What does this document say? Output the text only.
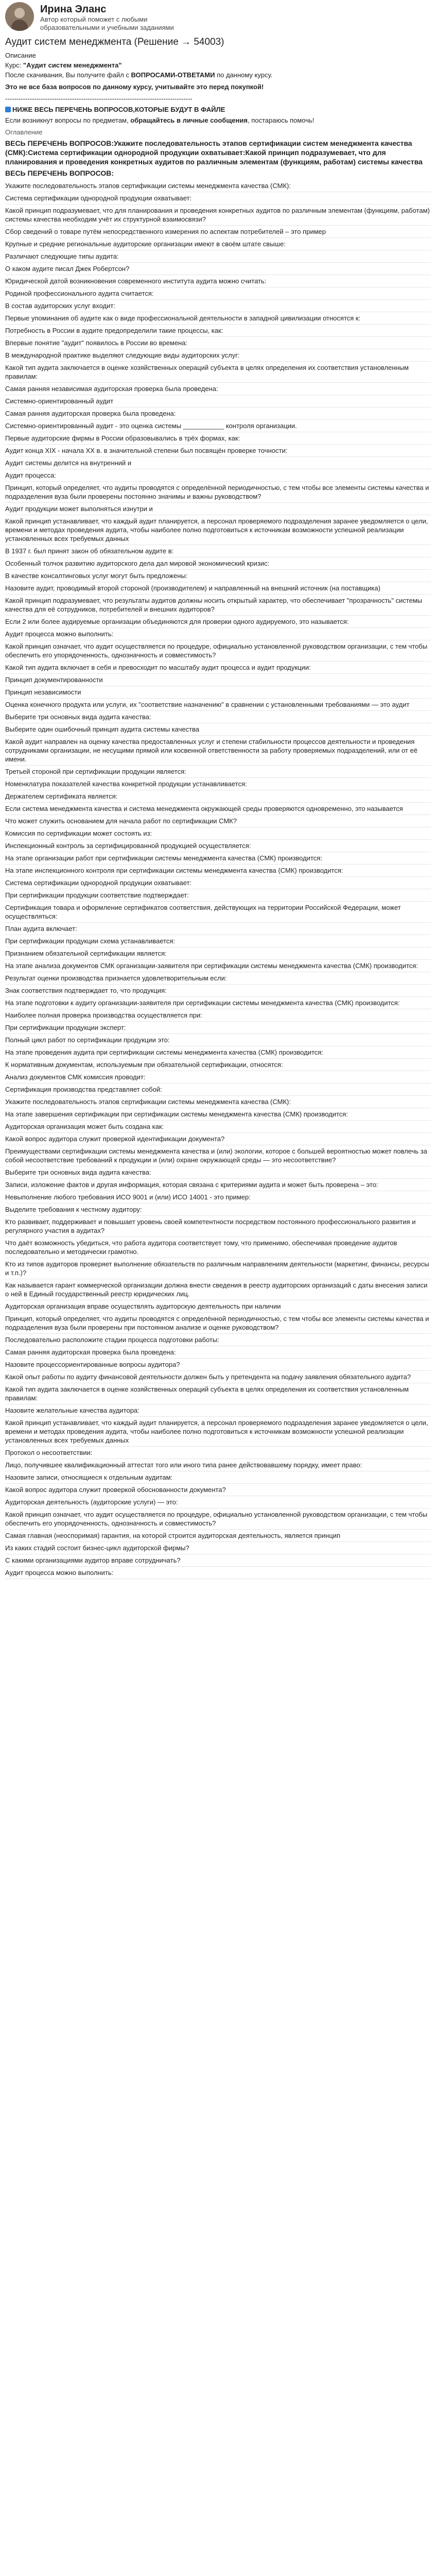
Ирина Эланс
Автор который поможет с любыми образовательными и учебными заданиями
Аудит систем менеджмента (Решение → 54003)
Описание
Курс: "Аудит систем менеджмента"
После скачивания, Вы получите файл с ВОПРОСАМИ-ОТВЕТАМИ по данному курсу.
Это не все база вопросов по данному курсу, учитывайте это перед покупкой!
------------------------------------------------------------------------------------
НИЖЕ ВЕСЬ ПЕРЕЧЕНЬ ВОПРОСОВ,КОТОРЫЕ БУДУТ В ФАЙЛЕ
Если возникнут вопросы по предметам, обращайтесь в личные сообщения, постараюсь помочь!
Оглавление
ВЕСЬ ПЕРЕЧЕНЬ ВОПРОСОВ:Укажите последовательность этапов сертификации систем менеджмента качества (СМК):Система сертификации однородной продукции охватывает:Какой принцип подразумевает, что для планирования и проведения конкретных аудитов по различным элементам (функциям, работам) системы качества
ВЕСЬ ПЕРЕЧЕНЬ ВОПРОСОВ:

Укажите последовательность этапов сертификации системы менеджмента качества (СМК):

Система сертификации однородной продукции охватывает:

Какой принцип подразумевает, что для планирования и проведения конкретных аудитов по различным элементам (функциям, работам) системы качества необходим учёт их структурной взаимосвязи?

Сбор сведений о товаре путём непосредственного измерения по аспектам потребителей – это пример

Крупные и средние региональные аудиторские организации имеют в своём штате свыше:

Различают следующие типы аудита:

О каком аудите писал Джек Робертсон?

Юридической датой возникновения современного института аудита можно считать:

Родиной профессионального аудита считается:

В состав аудиторских услуг входит:

Первые упоминания об аудите как о виде профессиональной деятельности в западной цивилизации относятся к:

Потребность в России в аудите предопределили такие процессы, как:

Впервые понятие "аудит" появилось в России во времена:

В международной практике выделяют следующие виды аудиторских услуг:

Какой тип аудита заключается в оценке хозяйственных операций субъекта в целях определения их соответствия установленным правилам:

Самая ранняя независимая аудиторская проверка была проведена:

Системно-ориентированный аудит

Самая ранняя аудиторская проверка была проведена:

Системно-ориентированный аудит - это оценка системы ___________ контроля организации.

Первые аудиторские фирмы в России образовывались в трёх формах, как:

Аудит конца XIX - начала XX в. в значительной степени был посвящён проверке точности:

Аудит системы делится на внутренний и

Аудит процесса:

Принцип, который определяет, что аудиты проводятся с определённой периодичностью, с тем чтобы все элементы системы качества и подразделения вуза были проверены постоянно значимы и важны руководством?

Аудит продукции может выполняться изнутри и

Какой принцип устанавливает, что каждый аудит планируется, а персонал проверяемого подразделения заранее уведомляется о цели, времени и методах проведения аудита, чтобы наиболее полно подготовиться к источникам возможности успешной реализации установленных всех требуемых данных

В 1937 г. был принят закон об обязательном аудите в:

Особенный толчок развитию аудиторского дела дал мировой экономический кризис:

В качестве консалтинговых услуг могут быть предложены:

Назовите аудит, проводимый второй стороной (производителем) и направленный на внешний источник (на поставщика)

Какой принцип подразумевает, что результаты аудитов должны носить открытый характер, что обеспечивает "прозрачность" системы качества для её сотрудников, потребителей и внешних аудиторов?

Если 2 или более аудируемые организации объединяются для проверки одного аудируемого, это называется:

Аудит процесса можно выполнить:

Какой принцип означает, что аудит осуществляется по процедуре, официально установленной руководством организации, с тем чтобы обеспечить его упорядоченность, однозначность и совместимость?

Какой тип аудита включает в себя и превосходит по масштабу аудит процесса и аудит продукции:

Принцип документированности

Принцип независимости

Оценка конечного продукта или услуги, их "соответствие назначению" в сравнении с установленными требованиями — это аудит

Выберите три основных вида аудита качества:

Выберите один ошибочный принцип аудита системы качества

Какой аудит направлен на оценку качества предоставленных услуг и степени стабильности процессов деятельности и проведения сотрудниками организации, не несущими прямой или косвенной ответственности за работу проверяемых подразделений, или от её имени.

Третьей стороной при сертификации продукции является:

Номенклатура показателей качества конкретной продукции устанавливается:

Держателем сертификата является:

Если система менеджмента качества и система менеджмента окружающей среды проверяются одновременно, это называется

Что может служить основанием для начала работ по сертификации СМК?

Комиссия по сертификации может состоять из:

Инспекционный контроль за сертифицированной продукцией осуществляется:

На этапе организации работ при сертификации системы менеджмента качества (СМК) производится:

На этапе инспекционного контроля при сертификации системы менеджмента качества (СМК) производится:

Система сертификации однородной продукции охватывает:

При сертификации продукции соответствие подтверждает:

Сертификация товара и оформление сертификатов соответствия, действующих на территории Российской Федерации, может осуществляться:

План аудита включает:

При сертификации продукции схема устанавливается:

Признанием обязательной сертификации является:

На этапе анализа документов СМК организации-заявителя при сертификации системы менеджмента качества (СМК) производится:

Результат оценки производства признается удовлетворительным если:

Знак соответствия подтверждает то, что продукция:

На этапе подготовки к аудиту организации-заявителя при сертификации системы менеджмента качества (СМК) производится:

Наиболее полная проверка производства осуществляется при:

При сертификации продукции эксперт:

Полный цикл работ по сертификации продукции это:

На этапе проведения аудита при сертификации системы менеджмента качества (СМК) производится:

К нормативным документам, используемым при обязательной сертификации, относятся:

Анализ документов СМК комиссия проводит:

Сертификация производства представляет собой:

Укажите последовательность этапов сертификации системы менеджмента качества (СМК):

На этапе завершения сертификации при сертификации системы менеджмента качества (СМК) производится:

Аудиторская организация может быть создана как:

Какой вопрос аудитора служит проверкой идентификации документа?

Преимуществами сертификации системы менеджмента качества и (или) экологии, которое с большей вероятностью может повлечь за собой несоответствие требований к продукции и (или) охране окружающей среды — это несоответствие?

Выберите три основных вида аудита качества:

Записи, изложение фактов и другая информация, которая связана с критериями аудита и может быть проверена – это:

Невыполнение любого требования ИСО 9001 и (или) ИСО 14001 - это пример:

Выделите требования к честному аудитору:

Кто развивает, поддерживает и повышает уровень своей компетентности посредством постоянного профессионального развития и регулярного участия в аудитах?

Что даёт возможность убедиться, что работа аудитора соответствует тому, что применимо, обеспечивая проведение аудитов последовательно и методически грамотно.

Кто из типов аудиторов проверяет выполнение обязательств по различным направлениям деятельности (маркетинг, финансы, ресурсы и т.п.)?

Как называется гарант коммерческой организации должна внести сведения в реестр аудиторских организаций с даты внесения записи о ней в Единый государственный реестр юридических лиц.

Аудиторская организация вправе осуществлять аудиторскую деятельность при наличии

Принцип, который определяет, что аудиты проводятся с определённой периодичностью, с тем чтобы все элементы системы качества и подразделения вуза были проверены при постоянном анализе и оценке руководством?

Последовательно расположите стадии процесса подготовки работы:

Самая ранняя аудиторская проверка была проведена:

Назовите процессориентированные вопросы аудитора?

Какой опыт работы по аудиту финансовой деятельности должен быть у претендента на подачу заявления обязательного аудита?

Какой тип аудита заключается в оценке хозяйственных операций субъекта в целях определения их соответствия установленным правилам:

Назовите желательные качества аудитора:

Какой принцип устанавливает, что каждый аудит планируется, а персонал проверяемого подразделения заранее уведомляется о цели, времени и методах проведения аудита, чтобы наиболее полно подготовиться к источникам возможности успешной реализации установленных всех требуемых данных

Протокол о несоответствии:

Лицо, получившее квалификационный аттестат того или иного типа ранее действовавшему порядку, имеет право:

Назовите записи, относящиеся к отдельным аудитам:

Какой вопрос аудитора служит проверкой обоснованности документа?

Аудиторская деятельность (аудиторские услуги) — это:

Какой принцип означает, что аудит осуществляется по процедуре, официально установленной руководством организации, с тем чтобы обеспечить его упорядоченность, однозначность и совместимость?

Самая главная (неоспоримая) гарантия, на которой строится аудиторская деятельность, является принцип

Из каких стадий состоит бизнес-цикл аудиторской фирмы?

С какими организациями аудитор вправе сотрудничать?

Аудит процесса можно выполнить:
